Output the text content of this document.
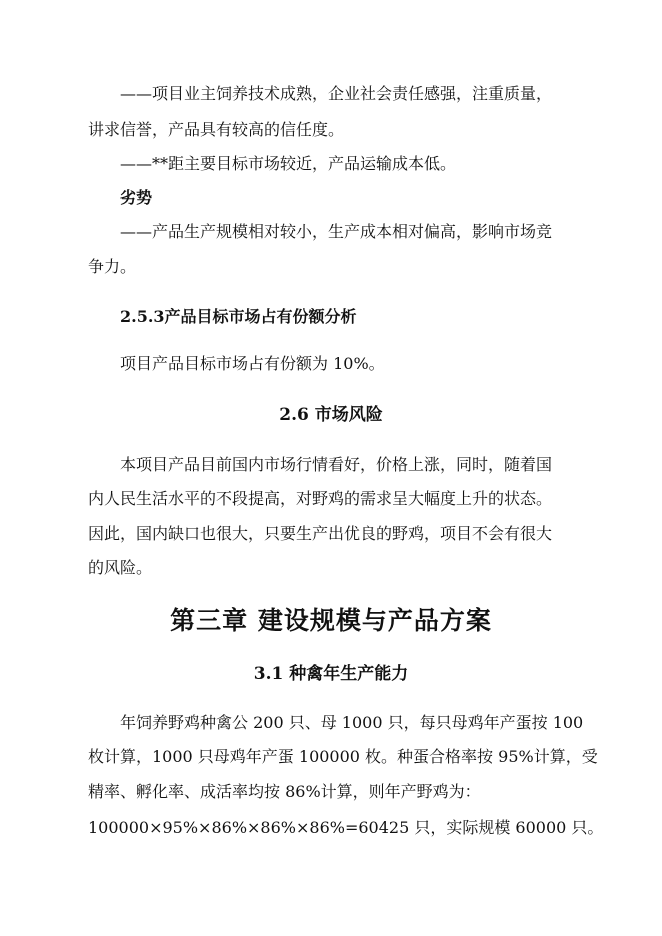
——项目业主饲养技术成熟，企业社会责任感强，注重质量，
讲求信誉，产品具有较高的信任度。
——**距主要目标市场较近，产品运输成本低。
劣势
——产品生产规模相对较小，生产成本相对偏高，影响市场竞
争力。
2.5.3产品目标市场占有份额分析
项目产品目标市场占有份额为 10%。
2.6 市场风险
本项目产品目前国内市场行情看好，价格上涨，同时，随着国
内人民生活水平的不段提高，对野鸡的需求呈大幅度上升的状态。
因此，国内缺口也很大，只要生产出优良的野鸡，项目不会有很大
的风险。
第三章 建设规模与产品方案
3.1 种禽年生产能力
年饲养野鸡种禽公 200 只、母 1000 只，每只母鸡年产蛋按 100
枚计算，1000 只母鸡年产蛋 100000 枚。种蛋合格率按 95%计算，受
精率、孵化率、成活率均按 86%计算，则年产野鸡为：
100000×95%×86%×86%×86%=60425 只，实际规模 60000 只。
